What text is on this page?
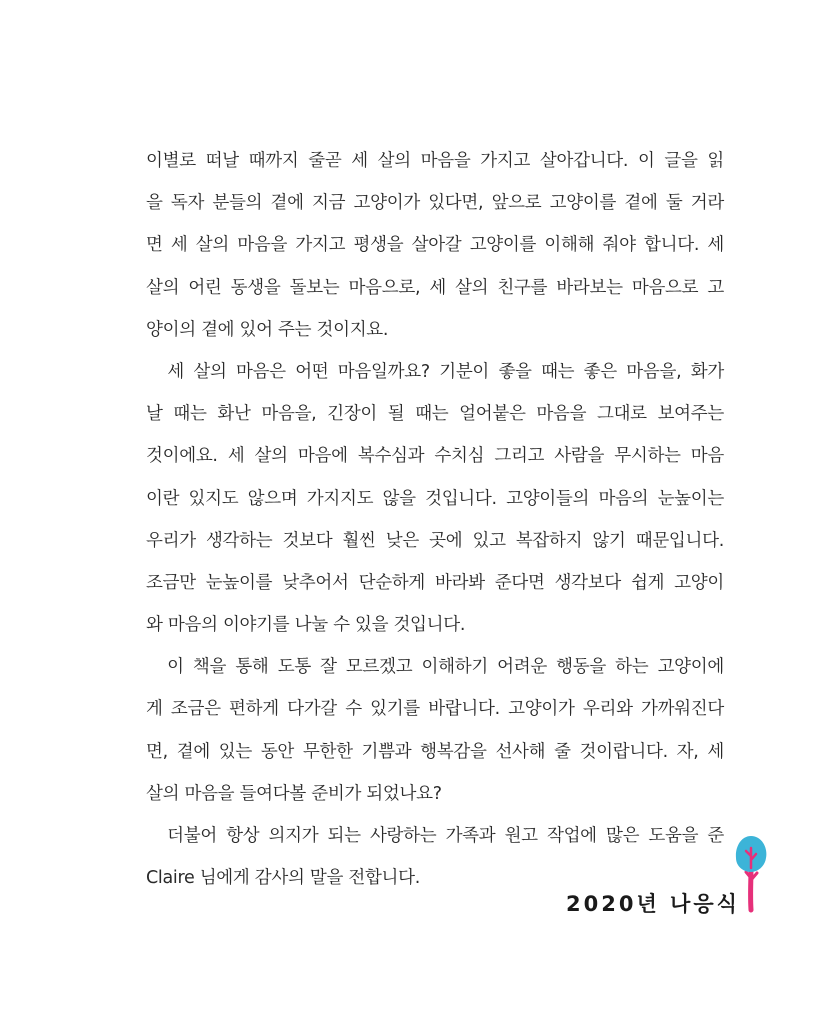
이별로 떠날 때까지 줄곧 세 살의 마음을 가지고 살아갑니다. 이 글을 읽
을 독자 분들의 곁에 지금 고양이가 있다면, 앞으로 고양이를 곁에 둘 거라
면 세 살의 마음을 가지고 평생을 살아갈 고양이를 이해해 줘야 합니다. 세
살의 어린 동생을 돌보는 마음으로, 세 살의 친구를 바라보는 마음으로 고
양이의 곁에 있어 주는 것이지요.
　세 살의 마음은 어떤 마음일까요? 기분이 좋을 때는 좋은 마음을, 화가
날 때는 화난 마음을, 긴장이 될 때는 얼어붙은 마음을 그대로 보여주는
것이에요. 세 살의 마음에 복수심과 수치심 그리고 사람을 무시하는 마음
이란 있지도 않으며 가지지도 않을 것입니다. 고양이들의 마음의 눈높이는
우리가 생각하는 것보다 훨씬 낮은 곳에 있고 복잡하지 않기 때문입니다.
조금만 눈높이를 낮추어서 단순하게 바라봐 준다면 생각보다 쉽게 고양이
와 마음의 이야기를 나눌 수 있을 것입니다.
　이 책을 통해 도통 잘 모르겠고 이해하기 어려운 행동을 하는 고양이에
게 조금은 편하게 다가갈 수 있기를 바랍니다. 고양이가 우리와 가까워진다
면, 곁에 있는 동안 무한한 기쁨과 행복감을 선사해 줄 것이랍니다. 자, 세
살의 마음을 들여다볼 준비가 되었나요?
　더불어 항상 의지가 되는 사랑하는 가족과 원고 작업에 많은 도움을 준
Claire 님에게 감사의 말을 전합니다.
2020년 나응식
